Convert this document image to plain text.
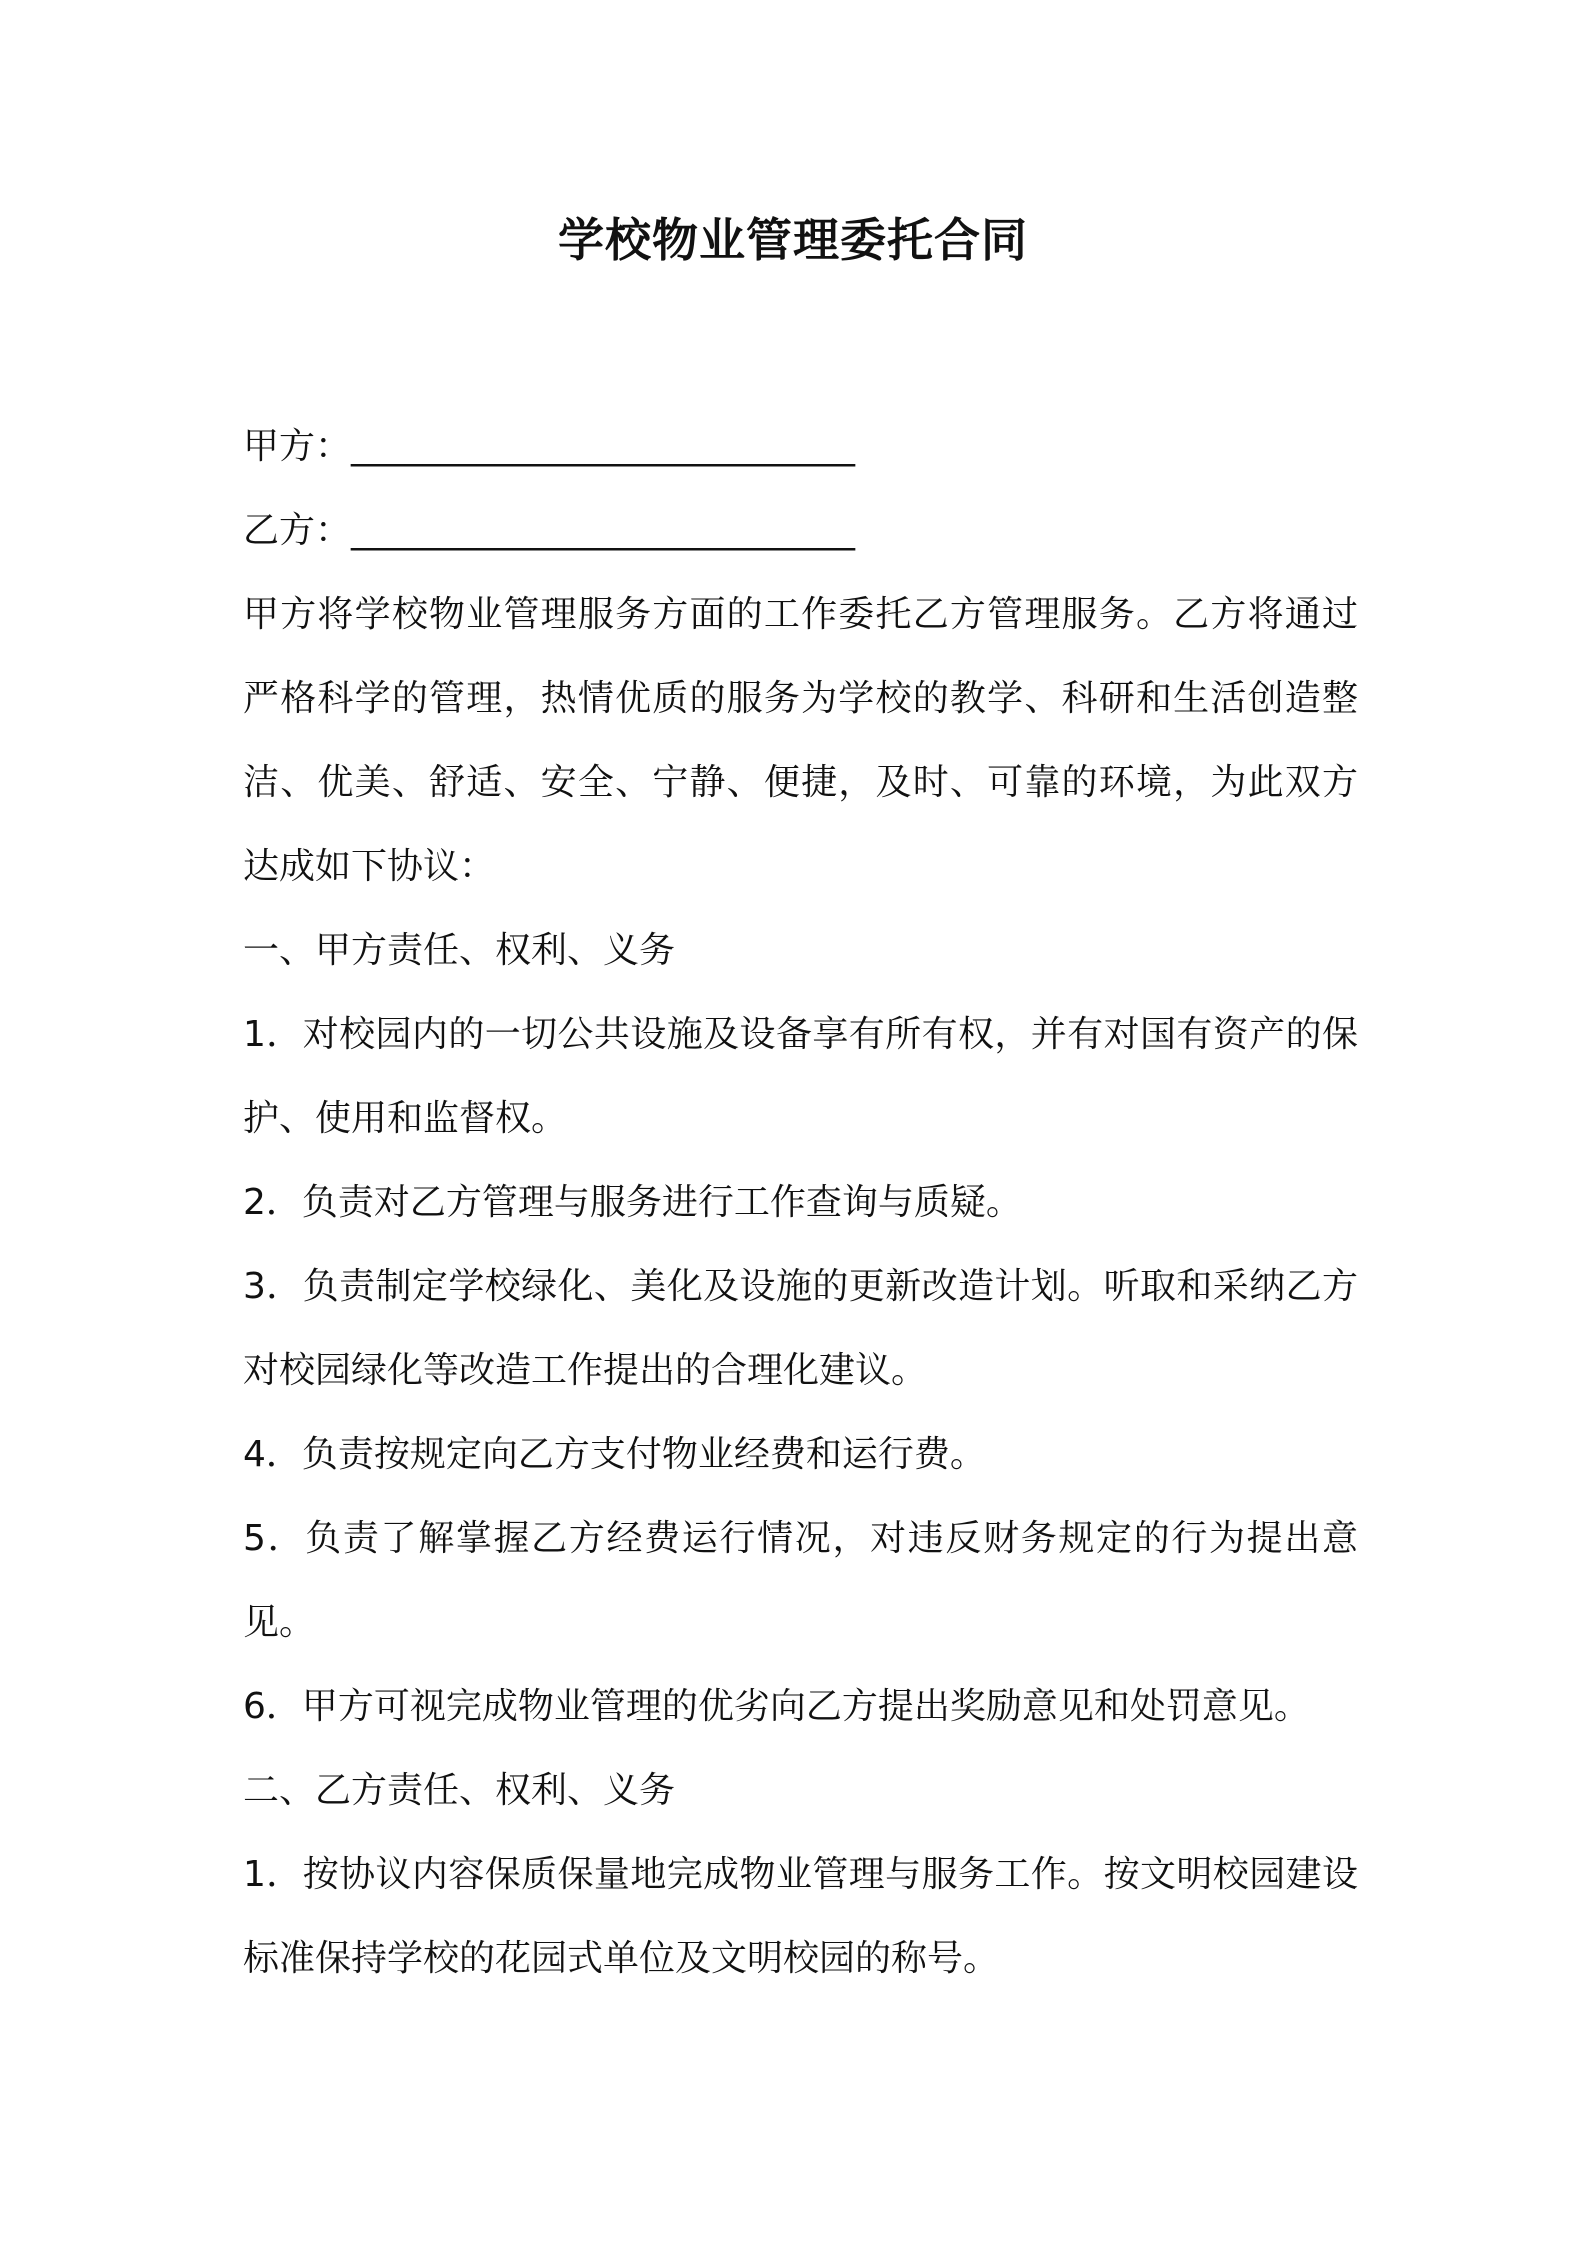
学校物业管理委托合同

甲方：____________________________

乙方：____________________________

甲方将学校物业管理服务方面的工作委托乙方管理服务。乙方将通过严格科学的管理，热情优质的服务为学校的教学、科研和生活创造整洁、优美、舒适、安全、宁静、便捷，及时、可靠的环境，为此双方达成如下协议：

一、甲方责任、权利、义务

1．对校园内的一切公共设施及设备享有所有权，并有对国有资产的保护、使用和监督权。

2．负责对乙方管理与服务进行工作查询与质疑。

3．负责制定学校绿化、美化及设施的更新改造计划。听取和采纳乙方对校园绿化等改造工作提出的合理化建议。

4．负责按规定向乙方支付物业经费和运行费。

5．负责了解掌握乙方经费运行情况，对违反财务规定的行为提出意见。

6．甲方可视完成物业管理的优劣向乙方提出奖励意见和处罚意见。

二、乙方责任、权利、义务

1．按协议内容保质保量地完成物业管理与服务工作。按文明校园建设标准保持学校的花园式单位及文明校园的称号。
